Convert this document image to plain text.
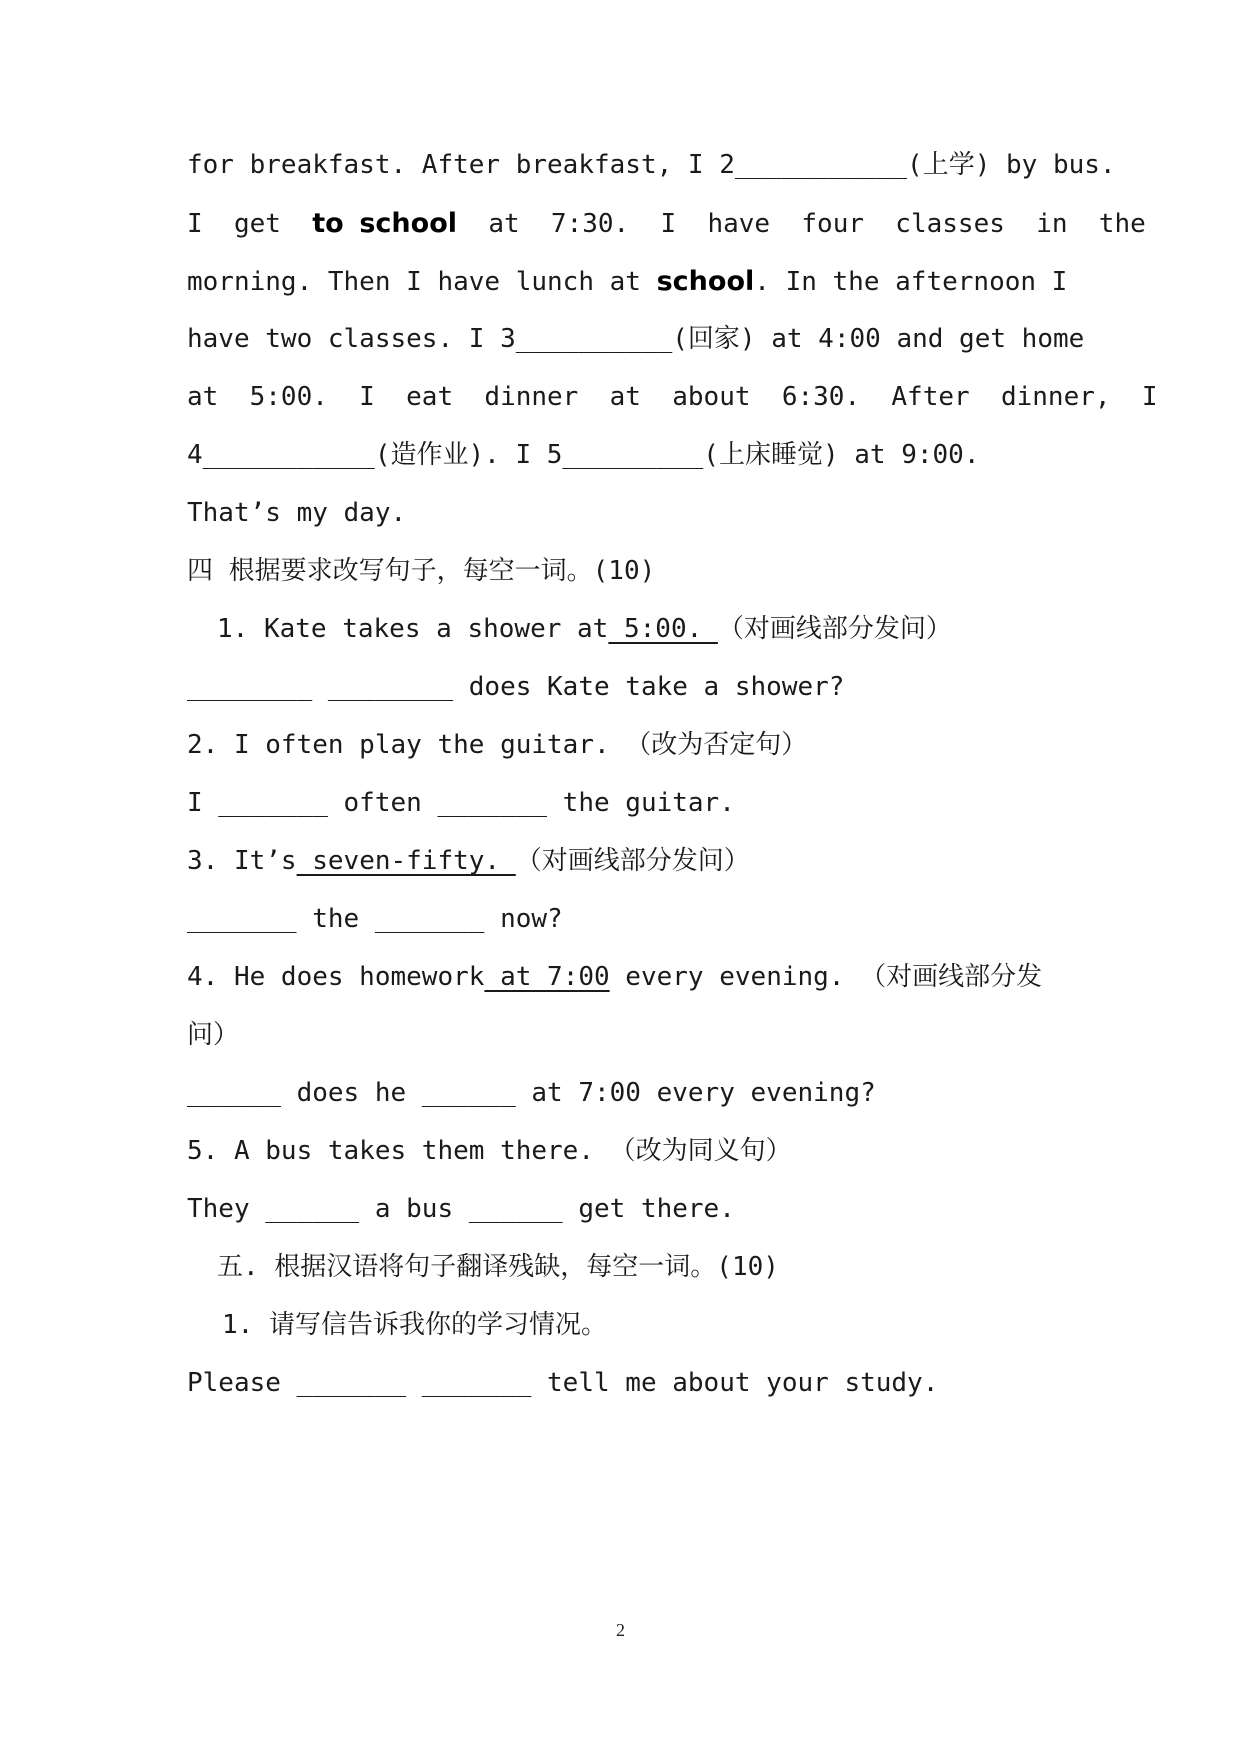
for breakfast. After breakfast, I 2___________(上学) by bus.
I  get  to school  at  7:30.  I  have  four  classes  in  the
morning. Then I have lunch at school. In the afternoon I
have two classes. I 3__________(回家) at 4:00 and get home
at  5:00.  I  eat  dinner  at  about  6:30.  After  dinner,  I
4___________(造作业). I 5_________(上床睡觉) at 9:00.
That’s my day.
四 根据要求改写句子，每空一词。(10)
1. Kate takes a shower at 5:00. （对画线部分发问）
________ ________ does Kate take a shower?
2. I often play the guitar. （改为否定句）
I _______ often _______ the guitar.
3. It’s seven-fifty. （对画线部分发问）
_______ the _______ now?
4. He does homework at 7:00 every evening. （对画线部分发
问）
______ does he ______ at 7:00 every evening?
5. A bus takes them there. （改为同义句）
They ______ a bus ______ get there.
五. 根据汉语将句子翻译残缺，每空一词。(10)
1. 请写信告诉我你的学习情况。
Please _______ _______ tell me about your study.
2
